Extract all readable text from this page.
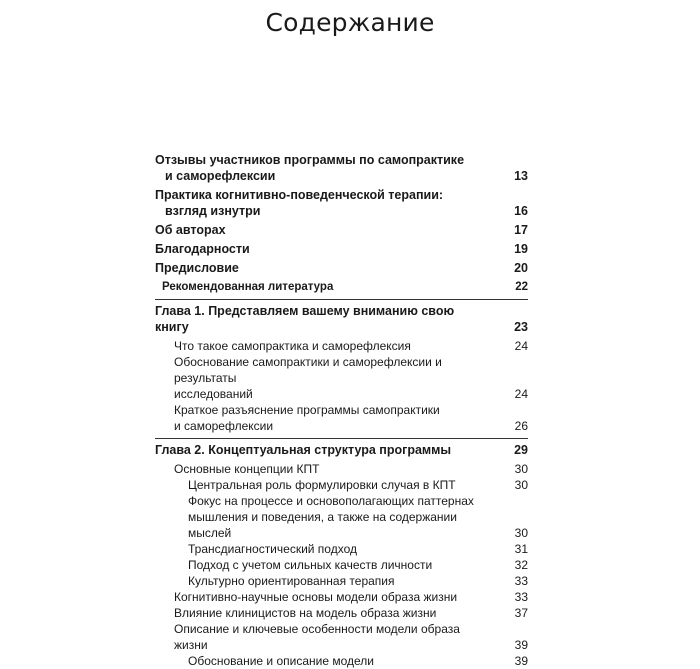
Содержание
Отзывы участников программы по самопрактике
и саморефлексии	13
Практика когнитивно-поведенческой терапии:
взгляд изнутри	16
Об авторах	17
Благодарности	19
Предисловие	20
Рекомендованная литература	22
Глава 1. Представляем вашему вниманию свою книгу	23
Что такое самопрактика и саморефлексия	24
Обоснование самопрактики и саморефлексии и результаты
исследований	24
Краткое разъяснение программы самопрактики
и саморефлексии	26
Глава 2. Концептуальная структура программы	29
Основные концепции КПТ	30
Центральная роль формулировки случая в КПТ	30
Фокус на процессе и основополагающих паттернах
мышления и поведения, а также на содержании мыслей	30
Трансдиагностический подход	31
Подход с учетом сильных качеств личности	32
Культурно ориентированная терапия	33
Когнитивно-научные основы модели образа жизни	33
Влияние клиницистов на модель образа жизни	37
Описание и ключевые особенности модели образа жизни	39
Обоснование и описание модели	39
